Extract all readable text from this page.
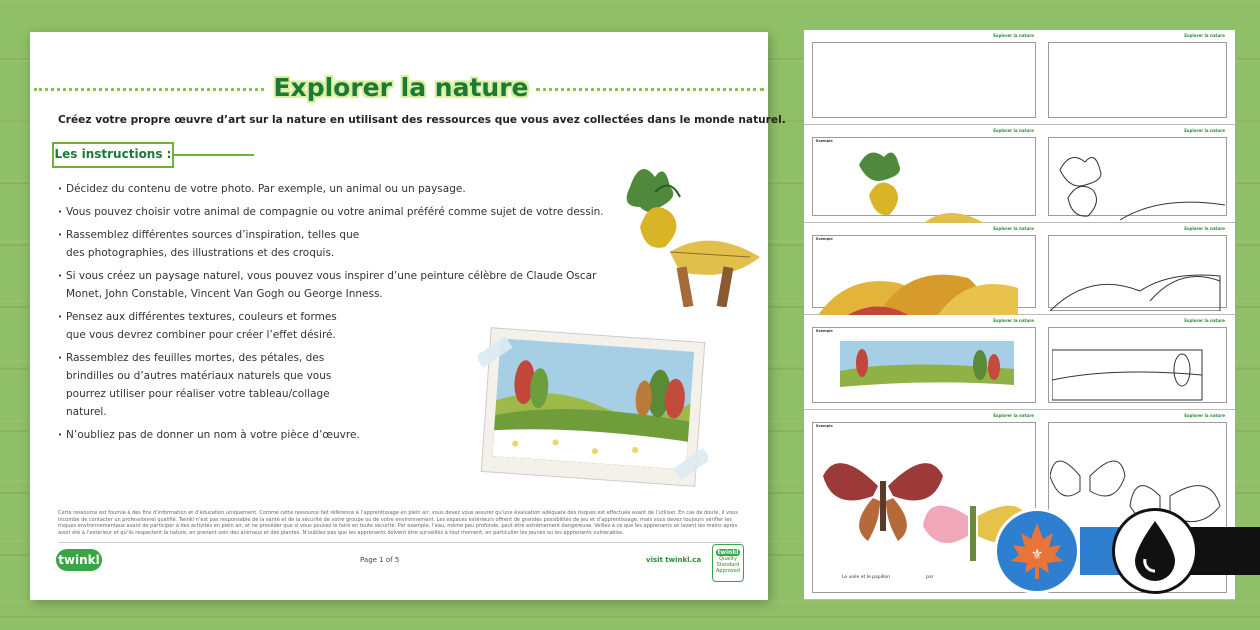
Explorer la nature
Créez votre propre œuvre d’art sur la nature en utilisant des ressources que vous avez collectées dans le monde naturel.
Les instructions :
· Décidez du contenu de votre photo. Par exemple, un animal ou un paysage.
· Vous pouvez choisir votre animal de compagnie ou votre animal préféré comme sujet de votre dessin.
· Rassemblez différentes sources d’inspiration, telles que des photographies, des illustrations et des croquis.
· Si vous créez un paysage naturel, vous pouvez vous inspirer d’une peinture célèbre de Claude Oscar Monet, John Constable, Vincent Van Gogh ou George Inness.
· Pensez aux différentes textures, couleurs et formes que vous devrez combiner pour créer l’effet désiré.
· Rassemblez des feuilles mortes, des pétales, des brindilles ou d’autres matériaux naturels que vous pourrez utiliser pour réaliser votre tableau/collage naturel.
· N’oubliez pas de donner un nom à votre pièce d’œuvre.
Cette ressource est fournie à des fins d’information et d’éducation uniquement. Comme cette ressource fait référence à l’apprentissage en plein air, vous devez vous assurer qu’une évaluation adéquate des risques est effectuée avant de l’utiliser. En cas de doute, il vous incombe de contacter un professionnel qualifié. Twinkl n’est pas responsable de la santé et de la sécurité de votre groupe ou de votre environnement. Les espaces extérieurs offrent de grandes possibilités de jeu et d’apprentissage, mais vous devez toujours vérifier les risques environnementaux avant de participer à des activités en plein air, et ne procéder que si vous pouvez le faire en toute sécurité. Par exemple, l’eau, même peu profonde, peut être extrêmement dangereuse. Veillez à ce que les apprenants se lavent les mains après avoir été à l’extérieur et qu’ils respectent la nature, en prenant soin des animaux et des plantes. N’oubliez pas que les apprenants doivent être surveillés à tout moment, en particulier les jeunes ou les apprenants vulnérables.
twinkl	Page 1 of 5	visit twinkl.ca
twinkl
Quality Standard Approved
Explorer la nature
Explorer la nature
Exemple
Explorer la nature
Exemple
Explorer la nature
Exemple
Explorer la nature
Exemple
Le voile et le papillon	par
Explorer la nature
Explorer la nature
Explorer la nature
Explorer la nature
Explorer la nature
⚜
